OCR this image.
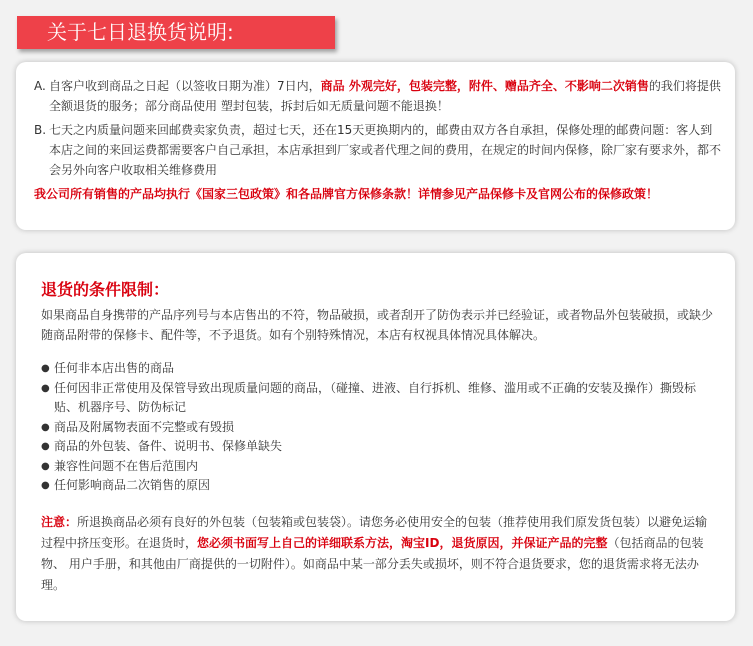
关于七日退换货说明:
A. 自客户收到商品之日起（以签收日期为准）7日内，商品 外观完好，包装完整，附件、赠品齐全、不影响二次销售的我们将提供全额退货的服务；部分商品使用 塑封包装，拆封后如无质量问题不能退换！
B. 七天之内质量问题来回邮费卖家负责，超过七天，还在15天更换期内的，邮费由双方各自承担，保修处理的邮费问题：客人到本店之间的来回运费都需要客户自己承担，本店承担到厂家或者代理之间的费用，在规定的时间内保修，除厂家有要求外，都不会另外向客户收取相关维修费用
我公司所有销售的产品均执行《国家三包政策》和各品牌官方保修条款！详情参见产品保修卡及官网公布的保修政策！
退货的条件限制：

如果商品自身携带的产品序列号与本店售出的不符，物品破损，或者刮开了防伪表示并已经验证，或者物品外包装破损，或缺少随商品附带的保修卡、配件等，不予退货。如有个别特殊情况，本店有权视具体情况具体解决。

● 任何非本店出售的商品
● 任何因非正常使用及保管导致出现质量问题的商品，（碰撞、进液、自行拆机、维修、滥用或不正确的安装及操作）撕毁标贴、机器序号、防伪标记
● 商品及附属物表面不完整或有毁损
● 商品的外包装、备件、说明书、保修单缺失
● 兼容性问题不在售后范围内
● 任何影响商品二次销售的原因
注意：所退换商品必须有良好的外包装（包装箱或包装袋）。请您务必使用安全的包装（推荐使用我们原发货包装）以避免运输过程中挤压变形。在退货时，您必须书面写上自己的详细联系方法，淘宝ID，退货原因，并保证产品的完整（包括商品的包装物、 用户手册，和其他由厂商提供的一切附件）。如商品中某一部分丢失或损坏，则不符合退货要求，您的退货需求将无法办理。
